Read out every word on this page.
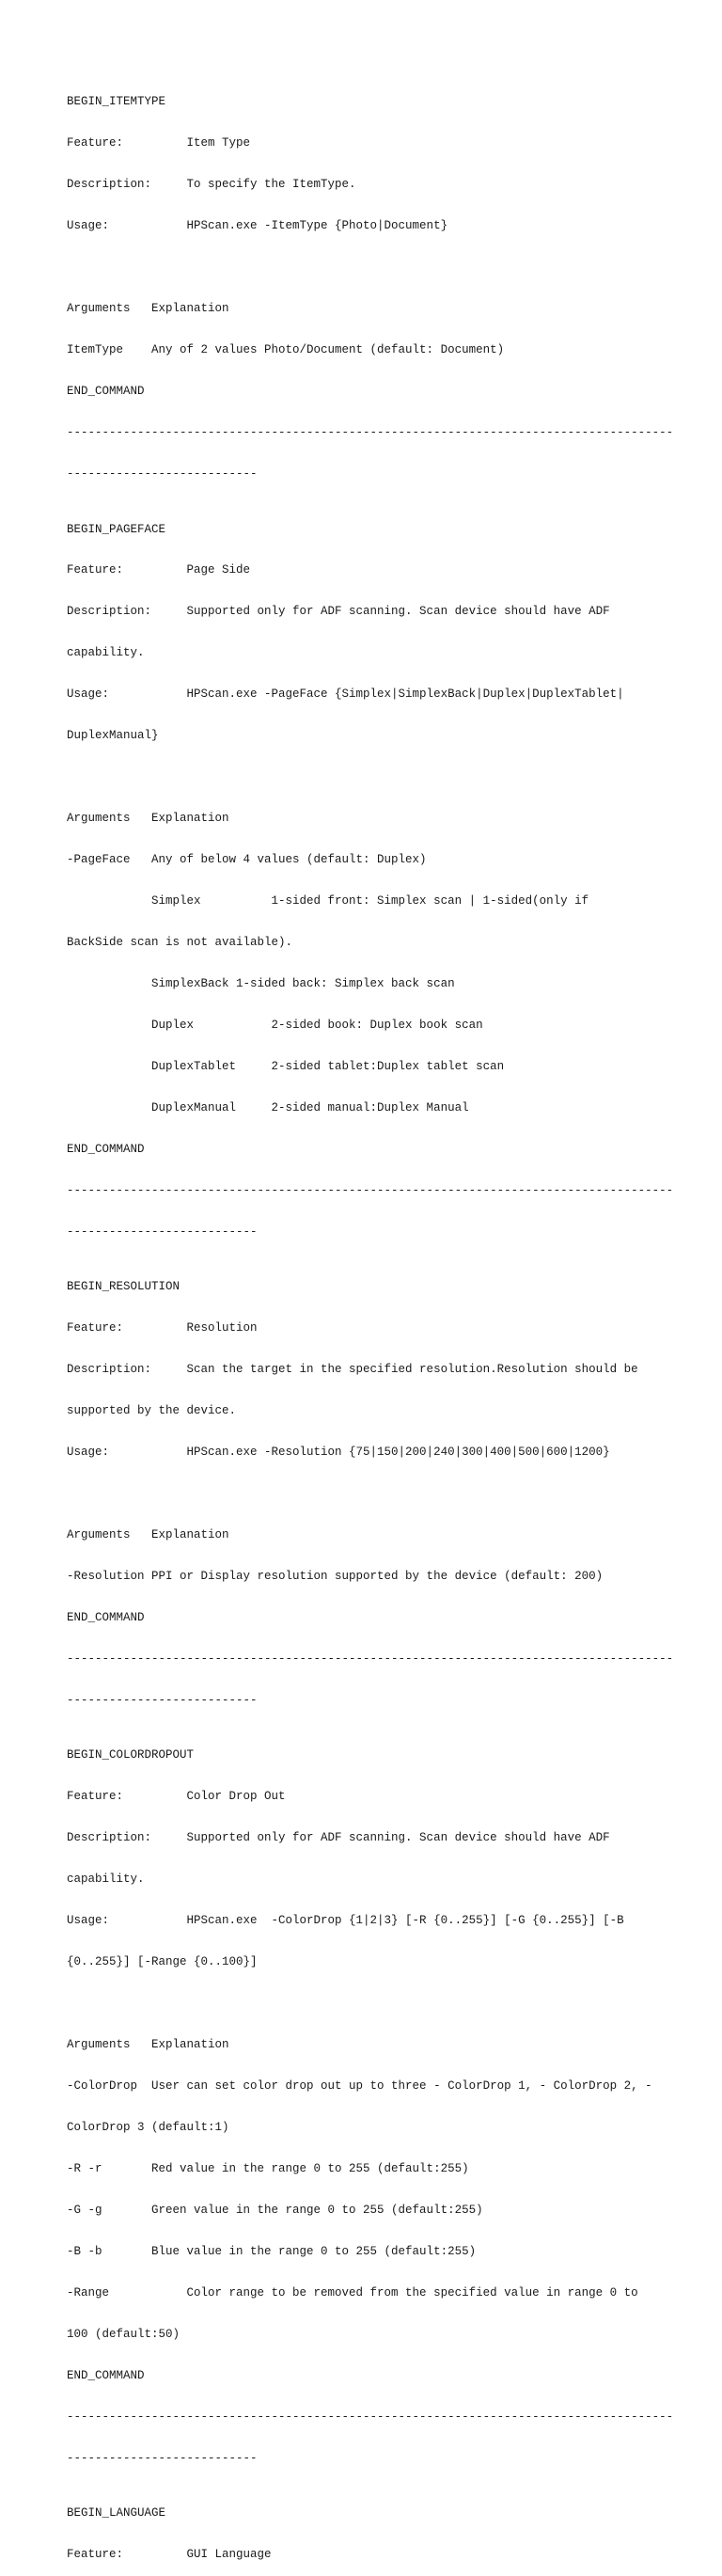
BEGIN_ITEMTYPE

Feature:         Item Type

Description:     To specify the ItemType.

Usage:           HPScan.exe -ItemType {Photo|Document}

Arguments   Explanation

ItemType    Any of 2 values Photo/Document (default: Document)

END_COMMAND

--------------------------------------------------------------------------------------

---------------------------

BEGIN_PAGEFACE

Feature:         Page Side

Description:     Supported only for ADF scanning. Scan device should have ADF

capability.

Usage:           HPScan.exe -PageFace {Simplex|SimplexBack|Duplex|DuplexTablet|

DuplexManual}

Arguments   Explanation

-PageFace   Any of below 4 values (default: Duplex)

Simplex          1-sided front: Simplex scan | 1-sided(only if

BackSide scan is not available).

SimplexBack 1-sided back: Simplex back scan

Duplex           2-sided book: Duplex book scan

DuplexTablet     2-sided tablet:Duplex tablet scan

DuplexManual     2-sided manual:Duplex Manual

END_COMMAND

--------------------------------------------------------------------------------------

---------------------------

BEGIN_RESOLUTION

Feature:         Resolution

Description:     Scan the target in the specified resolution.Resolution should be

supported by the device.

Usage:           HPScan.exe -Resolution {75|150|200|240|300|400|500|600|1200}

Arguments   Explanation

-Resolution PPI or Display resolution supported by the device (default: 200)

END_COMMAND

--------------------------------------------------------------------------------------

---------------------------

BEGIN_COLORDROPOUT

Feature:         Color Drop Out

Description:     Supported only for ADF scanning. Scan device should have ADF

capability.

Usage:           HPScan.exe  -ColorDrop {1|2|3} [-R {0..255}] [-G {0..255}] [-B

{0..255}] [-Range {0..100}]

Arguments   Explanation

-ColorDrop  User can set color drop out up to three - ColorDrop 1, - ColorDrop 2, -

ColorDrop 3 (default:1)

-R -r       Red value in the range 0 to 255 (default:255)

-G -g       Green value in the range 0 to 255 (default:255)

-B -b       Blue value in the range 0 to 255 (default:255)

-Range           Color range to be removed from the specified value in range 0 to

100 (default:50)

END_COMMAND

--------------------------------------------------------------------------------------

---------------------------

BEGIN_LANGUAGE

Feature:         GUI Language
